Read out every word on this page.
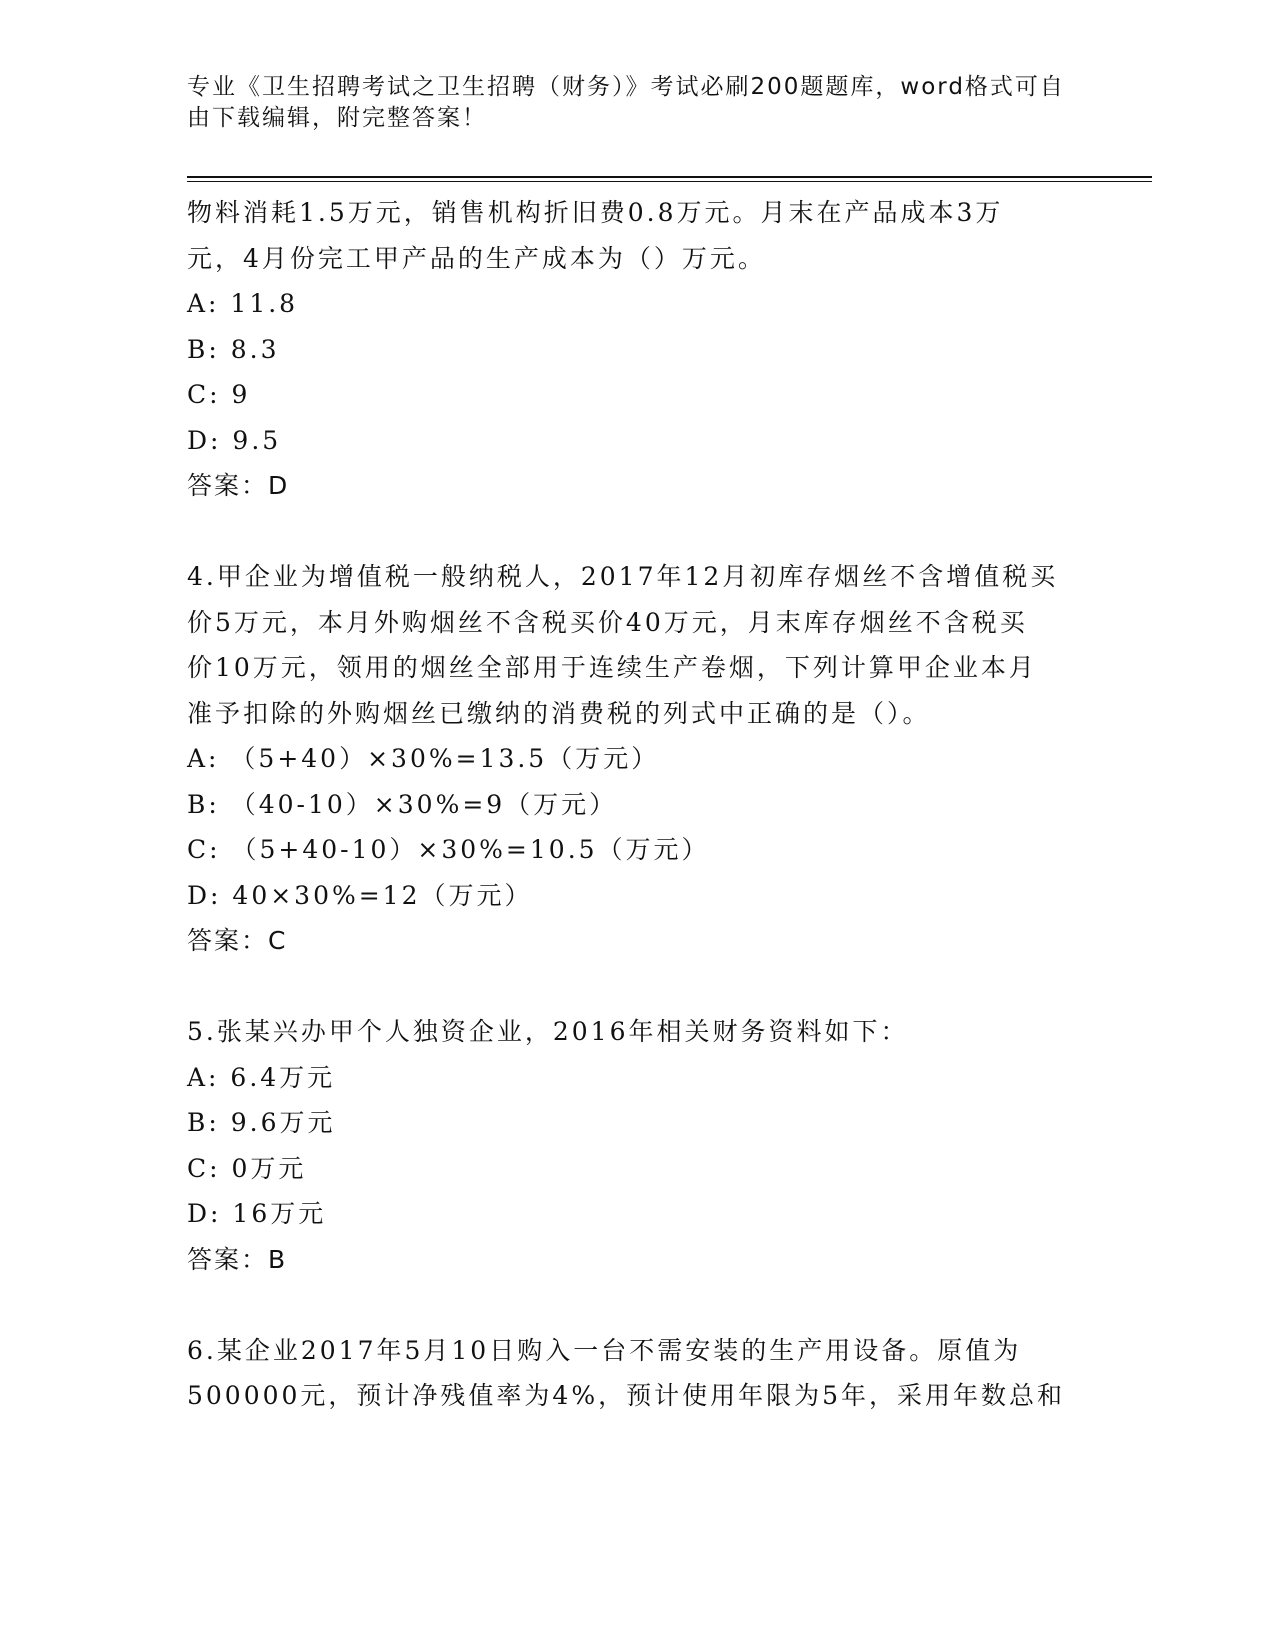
专业《卫生招聘考试之卫生招聘（财务）》考试必刷200题题库，word格式可自
由下载编辑，附完整答案！
物料消耗1.5万元，销售机构折旧费0.8万元。月末在产品成本3万
元，4月份完工甲产品的生产成本为（）万元。
A: 11.8
B: 8.3
C: 9
D: 9.5
答案：D
4.甲企业为增值税一般纳税人，2017年12月初库存烟丝不含增值税买
价5万元，本月外购烟丝不含税买价40万元，月末库存烟丝不含税买
价10万元，领用的烟丝全部用于连续生产卷烟，下列计算甲企业本月
准予扣除的外购烟丝已缴纳的消费税的列式中正确的是（）。
A: （5+40）×30%=13.5（万元）
B: （40-10）×30%=9（万元）
C: （5+40-10）×30%=10.5（万元）
D: 40×30%=12（万元）
答案：C
5.张某兴办甲个人独资企业，2016年相关财务资料如下：
A: 6.4万元
B: 9.6万元
C: 0万元
D: 16万元
答案：B
6.某企业2017年5月10日购入一台不需安装的生产用设备。原值为
500000元，预计净残值率为4%，预计使用年限为5年，采用年数总和
